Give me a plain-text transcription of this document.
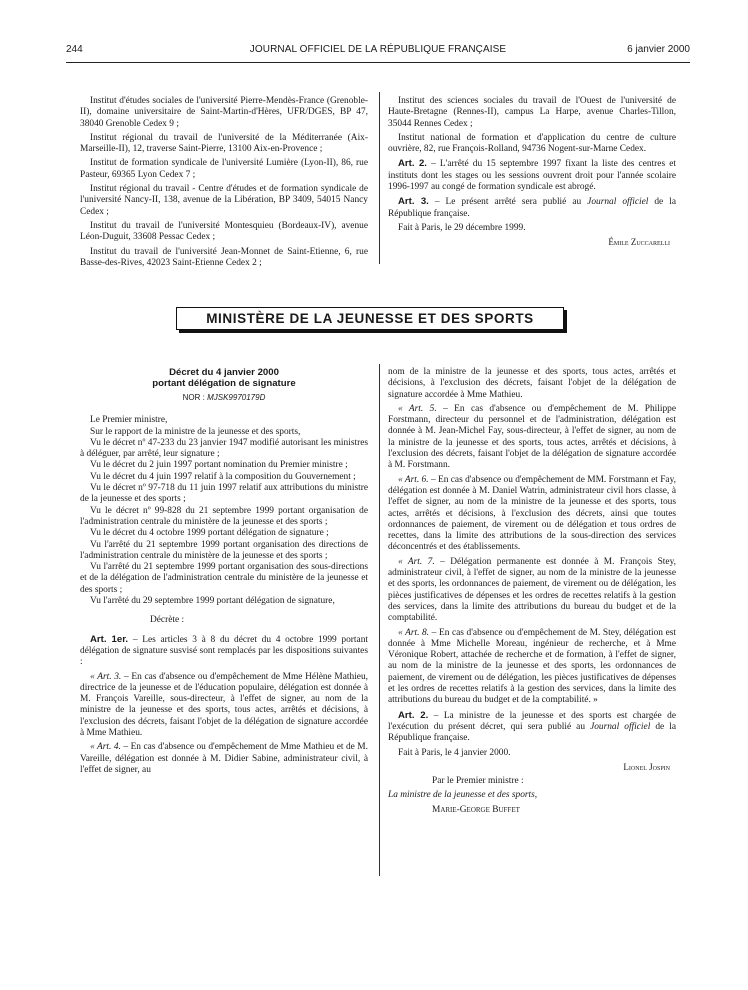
244	JOURNAL OFFICIEL DE LA RÉPUBLIQUE FRANÇAISE	6 janvier 2000

Institut d'études sociales de l'université Pierre-Mendès-France (Grenoble-II), domaine universitaire de Saint-Martin-d'Hères, UFR/DGES, BP 47, 38040 Grenoble Cedex 9 ;

Institut régional du travail de l'université de la Méditerranée (Aix-Marseille-II), 12, traverse Saint-Pierre, 13100 Aix-en-Provence ;

Institut de formation syndicale de l'université Lumière (Lyon-II), 86, rue Pasteur, 69365 Lyon Cedex 7 ;

Institut régional du travail - Centre d'études et de formation syndicale de l'université Nancy-II, 138, avenue de la Libération, BP 3409, 54015 Nancy Cedex ;

Institut du travail de l'université Montesquieu (Bordeaux-IV), avenue Léon-Duguit, 33608 Pessac Cedex ;

Institut du travail de l'université Jean-Monnet de Saint-Etienne, 6, rue Basse-des-Rives, 42023 Saint-Etienne Cedex 2 ;

Institut des sciences sociales du travail de l'Ouest de l'université de Haute-Bretagne (Rennes-II), campus La Harpe, avenue Charles-Tillon, 35044 Rennes Cedex ;

Institut national de formation et d'application du centre de culture ouvrière, 82, rue François-Rolland, 94736 Nogent-sur-Marne Cedex.

Art. 2. – L'arrêté du 15 septembre 1997 fixant la liste des centres et instituts dont les stages ou les sessions ouvrent droit pour l'année scolaire 1996-1997 au congé de formation syndicale est abrogé.

Art. 3. – Le présent arrêté sera publié au Journal officiel de la République française.

Fait à Paris, le 29 décembre 1999.

Émile Zuccarelli

MINISTÈRE DE LA JEUNESSE ET DES SPORTS
Décret du 4 janvier 2000
portant délégation de signature
NOR : MJSK9970179D

Le Premier ministre,

Sur le rapport de la ministre de la jeunesse et des sports,

Vu le décret nº 47-233 du 23 janvier 1947 modifié autorisant les ministres à déléguer, par arrêté, leur signature ;

Vu le décret du 2 juin 1997 portant nomination du Premier ministre ;

Vu le décret du 4 juin 1997 relatif à la composition du Gouvernement ;

Vu le décret nº 97-718 du 11 juin 1997 relatif aux attributions du ministre de la jeunesse et des sports ;

Vu le décret nº 99-828 du 21 septembre 1999 portant organisation de l'administration centrale du ministère de la jeunesse et des sports ;

Vu le décret du 4 octobre 1999 portant délégation de signature ;

Vu l'arrêté du 21 septembre 1999 portant organisation des directions de l'administration centrale du ministère de la jeunesse et des sports ;

Vu l'arrêté du 21 septembre 1999 portant organisation des sous-directions et de la délégation de l'administration centrale du ministère de la jeunesse et des sports ;

Vu l'arrêté du 29 septembre 1999 portant délégation de signature,

Décrète :

Art. 1er. – Les articles 3 à 8 du décret du 4 octobre 1999 portant délégation de signature susvisé sont remplacés par les dispositions suivantes :

« Art. 3. – En cas d'absence ou d'empêchement de Mme Hélène Mathieu, directrice de la jeunesse et de l'éducation populaire, délégation est donnée à M. François Vareille, sous-directeur, à l'effet de signer, au nom de la ministre de la jeunesse et des sports, tous actes, arrêtés et décisions, à l'exclusion des décrets, faisant l'objet de la délégation de signature accordée à Mme Mathieu.

« Art. 4. – En cas d'absence ou d'empêchement de Mme Mathieu et de M. Vareille, délégation est donnée à M. Didier Sabine, administrateur civil, à l'effet de signer, au

nom de la ministre de la jeunesse et des sports, tous actes, arrêtés et décisions, à l'exclusion des décrets, faisant l'objet de la délégation de signature accordée à Mme Mathieu.

« Art. 5. – En cas d'absence ou d'empêchement de M. Philippe Forstmann, directeur du personnel et de l'administration, délégation est donnée à M. Jean-Michel Fay, sous-directeur, à l'effet de signer, au nom de la ministre de la jeunesse et des sports, tous actes, arrêtés et décisions, à l'exclusion des décrets, faisant l'objet de la délégation de signature accordée à M. Forstmann.

« Art. 6. – En cas d'absence ou d'empêchement de MM. Forstmann et Fay, délégation est donnée à M. Daniel Watrin, administrateur civil hors classe, à l'effet de signer, au nom de la ministre de la jeunesse et des sports, tous actes, arrêtés et décisions, à l'exclusion des décrets, ainsi que toutes ordonnances de paiement, de virement ou de délégation et tous ordres de recettes, dans la limite des attributions de la sous-direction des services déconcentrés et des établissements.

« Art. 7. – Délégation permanente est donnée à M. François Stey, administrateur civil, à l'effet de signer, au nom de la ministre de la jeunesse et des sports, les ordonnances de paiement, de virement ou de délégation, les pièces justificatives de dépenses et les ordres de recettes relatifs à la gestion des services, dans la limite des attributions du bureau du budget et de la comptabilité.

« Art. 8. – En cas d'absence ou d'empêchement de M. Stey, délégation est donnée à Mme Michelle Moreau, ingénieur de recherche, et à Mme Véronique Robert, attachée de recherche et de formation, à l'effet de signer, au nom de la ministre de la jeunesse et des sports, les ordonnances de paiement, de virement ou de délégation, les pièces justificatives de dépenses et les ordres de recettes relatifs à la gestion des services, dans la limite des attributions du bureau du budget et de la comptabilité. »

Art. 2. – La ministre de la jeunesse et des sports est chargée de l'exécution du présent décret, qui sera publié au Journal officiel de la République française.

Fait à Paris, le 4 janvier 2000.

Lionel Jospin

Par le Premier ministre :

La ministre de la jeunesse et des sports,

Marie-George Buffet
